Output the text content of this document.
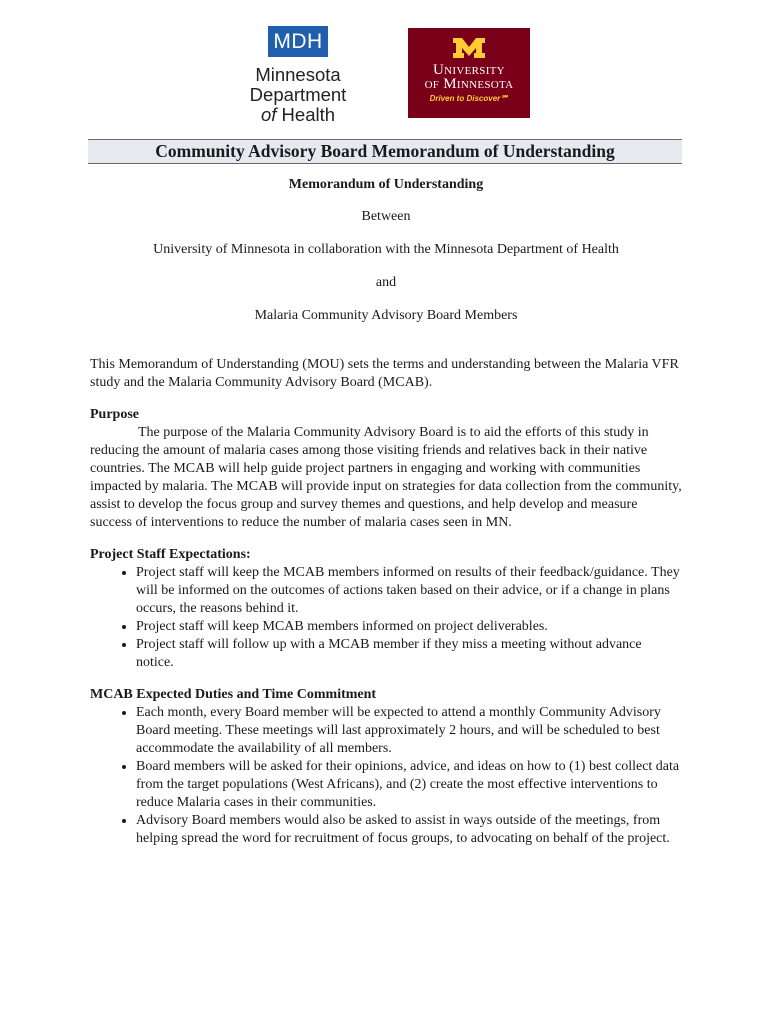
MDH
Minnesota
Department
of Health
University
of Minnesota
Driven to Discover℠
Community Advisory Board Memorandum of Understanding

Memorandum of Understanding

Between

University of Minnesota in collaboration with the Minnesota Department of Health

and

Malaria Community Advisory Board Members

This Memorandum of Understanding (MOU) sets the terms and understanding between the Malaria VFR study and the Malaria Community Advisory Board (MCAB).

Purpose

The purpose of the Malaria Community Advisory Board is to aid the efforts of this study in reducing the amount of malaria cases among those visiting friends and relatives back in their native countries. The MCAB will help guide project partners in engaging and working with communities impacted by malaria. The MCAB will provide input on strategies for data collection from the community, assist to develop the focus group and survey themes and questions, and help develop and measure success of interventions to reduce the number of malaria cases seen in MN.

Project Staff Expectations:

• Project staff will keep the MCAB members informed on results of their feedback/guidance. They will be informed on the outcomes of actions taken based on their advice, or if a change in plans occurs, the reasons behind it.
• Project staff will keep MCAB members informed on project deliverables.
• Project staff will follow up with a MCAB member if they miss a meeting without advance notice.

MCAB Expected Duties and Time Commitment

• Each month, every Board member will be expected to attend a monthly Community Advisory Board meeting. These meetings will last approximately 2 hours, and will be scheduled to best accommodate the availability of all members.
• Board members will be asked for their opinions, advice, and ideas on how to (1) best collect data from the target populations (West Africans), and (2) create the most effective interventions to reduce Malaria cases in their communities.
• Advisory Board members would also be asked to assist in ways outside of the meetings, from helping spread the word for recruitment of focus groups, to advocating on behalf of the project.
